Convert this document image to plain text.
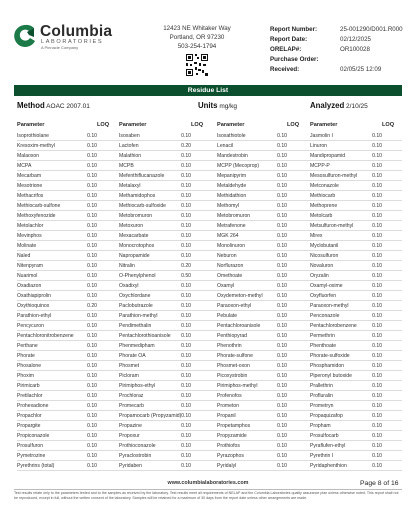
Columbia
LABORATORIES
A Pinnacle Company
12423 NE Whitaker Way
Portland, OR 97230
503-254-1794
Report Number:	25-001290/D001.R000
Report Date:	02/12/2025
ORELAP#:	OR100028
Purchase Order:
Received:	02/05/25 12:09
Residue List
Method AOAC 2007.01	Units mg/kg	Analyzed 2/10/25
Parameter	LOQ Parameter	LOQ Parameter	LOQ Parameter	LOQ
Isoprothiolane	0.10	Isoxaben	0.10	Isoxathiotole	0.10	Jasmolin I	0.10
Kresoxim-methyl	0.10	Lactofen	0.20	Lenacil	0.10	Linuron	0.10
Malaoxon	0.10	Malathion	0.10	Mandestrobin	0.10	Mandipropamid	0.10
MCPA	0.10	MCPB	0.10	MCPP (Mecoprop)	0.10	MCPP-P	0.10
Mecarbam	0.10	Mefenthiflucanazole	0.10	Mepanipyrim	0.10	Mesosulfuron-methyl	0.10
Mesotrione	0.10	Metalaxyl	0.10	Metaldehyde	0.10	Metconazole	0.10
Methacrifos	0.10	Methamidophos	0.10	Methidathion	0.10	Methiocarb	0.10
Methiocarb-sulfone	0.10	Methiocarb-sulfoxide	0.10	Methomyl	0.10	Methoprene	0.10
Methoxyfenozide	0.10	Metobromuron	0.10	Metobromuron	0.10	Metolcarb	0.10
Metolachlor	0.10	Metoxuron	0.10	Metrafenone	0.10	Metsulfuron-methyl	0.10
Mevinphos	0.10	Mexacarbate	0.10	MGK 264	0.10	Mirex	0.10
Molinate	0.10	Monocrotophos	0.10	Monolinuron	0.10	Myclobutanil	0.10
Naled	0.10	Napropamide	0.10	Neburon	0.10	Nicosulfuron	0.10
Nitenpyram	0.10	Nitralin	0.20	Norflurazon	0.10	Novaluron	0.10
Nuarimol	0.10	O-Phenylphenol	0.50	Omethoate	0.10	Oryzalin	0.10
Oxadiazon	0.10	Oxadixyl	0.10	Oxamyl	0.10	Oxamyl-oxime	0.10
Oxathiapiprolin	0.10	Oxychlordane	0.10	Oxydemeton-methyl	0.10	Oxyfluorfen	0.10
Oxythioquinox	0.20	Paclobutrazole	0.10	Paraoxon-ethyl	0.10	Paraoxon-methyl	0.10
Parathion-ethyl	0.10	Parathion-methyl	0.10	Pebulate	0.10	Penconazole	0.10
Pencycuron	0.10	Pendimethalin	0.10	Pentachloroanisole	0.10	Pentachlorobenzene	0.10
Pentachloronitrobenzene	0.10	Pentachlorothioanisole	0.10	Penthiopyrad	0.10	Permethrin	0.10
Perthane	0.10	Phenmedipham	0.10	Phenothrin	0.10	Phenthoate	0.10
Phorate	0.10	Phorate OA	0.10	Phorate-sulfone	0.10	Phorate-sulfoxide	0.10
Phosalone	0.10	Phosmet	0.10	Phosmet-oxon	0.10	Phosphamidon	0.10
Phoxim	0.10	Picloram	0.10	Picoxystrobin	0.10	Piperonyl butoxide	0.10
Pirimicarb	0.10	Pirimiphos-ethyl	0.10	Pirimiphos-methyl	0.10	Prallethrin	0.10
Pretilachlor	0.10	Prochloraz	0.10	Profenofos	0.10	Profluralin	0.10
Prohexadione	0.10	Promecarb	0.10	Prometon	0.10	Prometryn	0.10
Propachlor	0.10	Propamocarb (Propyzamid) 0.10	Propanil	0.10	Propaquizafop	0.10
Propargite	0.10	Propazine	0.10	Propetamphos	0.10	Propham	0.10
Propiconazole	0.10	Propoxur	0.10	Propyzamide	0.10	Prosulfocarb	0.10
Prosulfuron	0.10	Prothioconazole	0.10	Prothiofos	0.10	Pyraflufen-ethyl	0.10
Pymetrozine	0.10	Pyraclostrobin	0.10	Pyrazophos	0.10	Pyrethrin I	0.10
Pyrethrins (total)	0.10	Pyridaben	0.10	Pyridalyl	0.10	Pyridaphenthion	0.10
www.columbialaboratories.com	Page 8 of 16
Test results relate only to the parameters tested and to the samples as received by the laboratory. Test results meet all requirements of NELAP and the Columbia Laboratories quality assurance plan unless otherwise noted. This report shall not be reproduced, except in full, without the written consent of the laboratory. Samples will be retained for a maximum of 30 days from the report date unless other arrangements are made.
